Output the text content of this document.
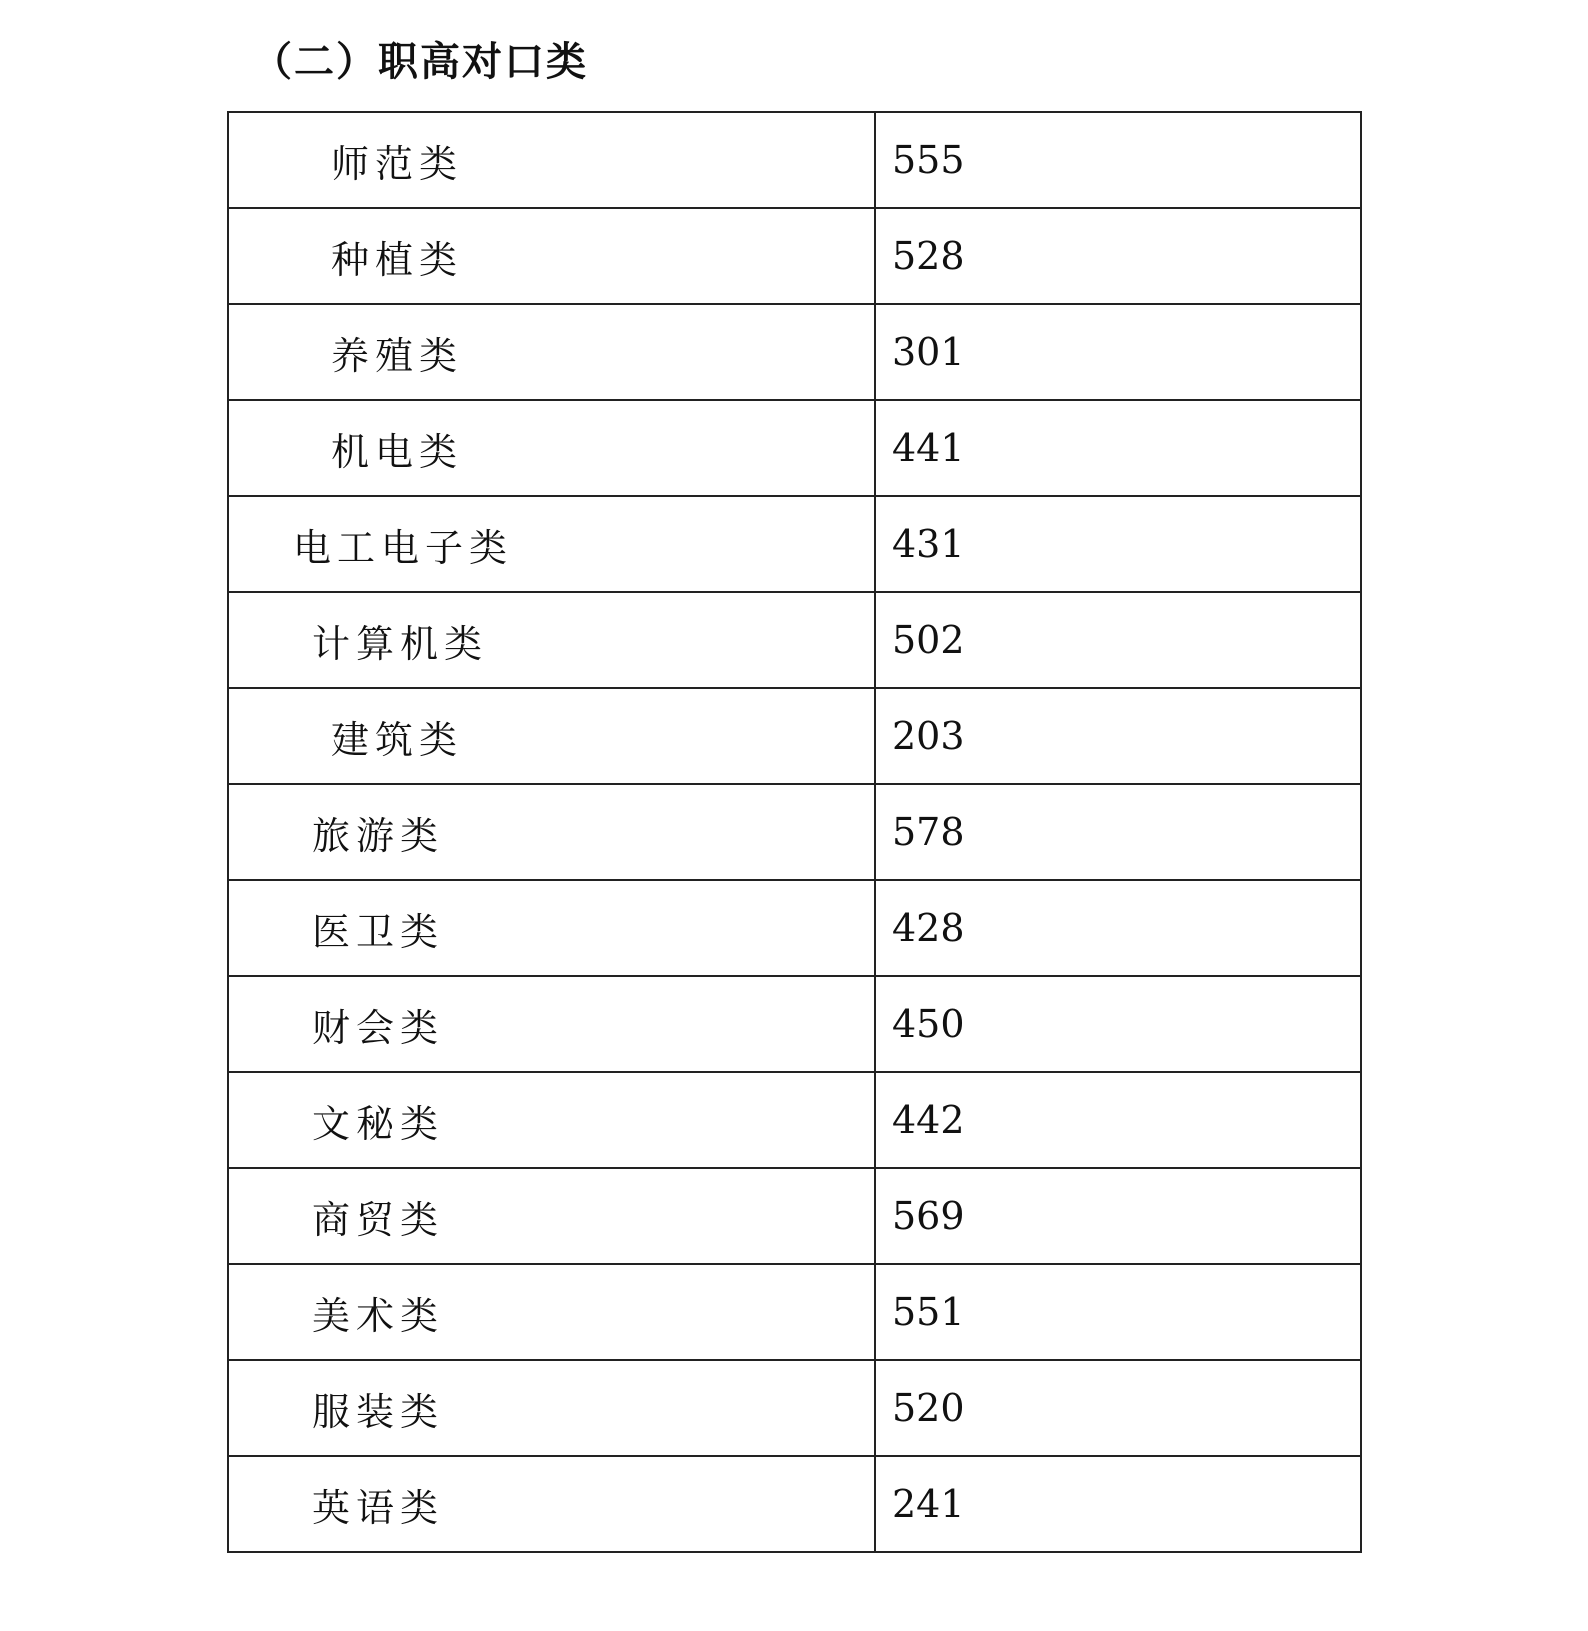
（二）职高对口类
师范类	555
种植类	528
养殖类	301
机电类	441
电工电子类	431
计算机类	502
建筑类	203
旅游类	578
医卫类	428
财会类	450
文秘类	442
商贸类	569
美术类	551
服装类	520
英语类	241
